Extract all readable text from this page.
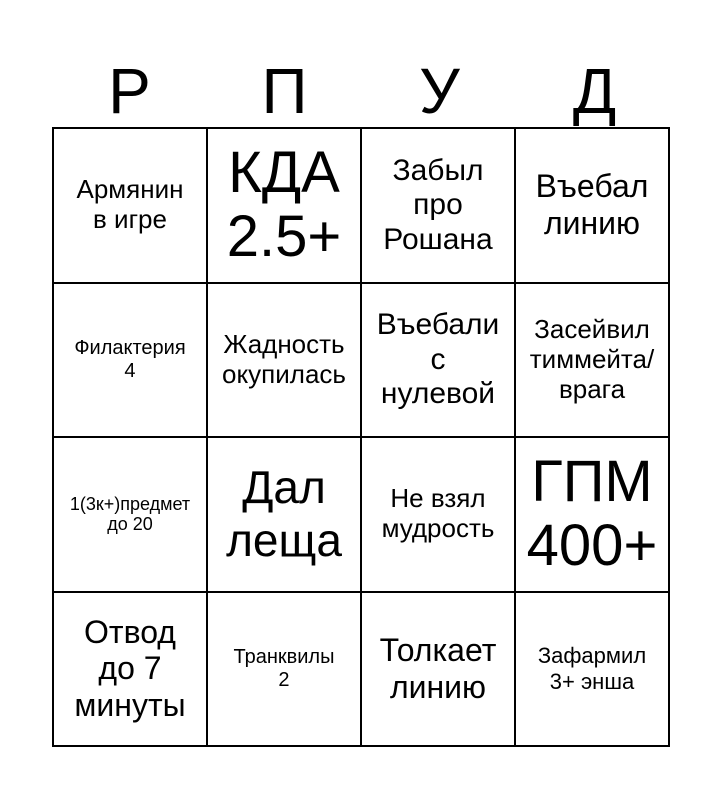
Р	П	У	Д
Армянин
в игре
КДА
2.5+
Забыл
про
Рошана
Въебал
линию
Филактерия
4
Жадность
окупилась
Въебали
с
нулевой
Засейвил
тиммейта/
врага
1(3к+)предмет
до 20
Дал
леща
Не взял
мудрость
ГПМ
400+
Отвод
до 7
минуты
Транквилы
2
Толкает
линию
Зафармил
3+ энша
